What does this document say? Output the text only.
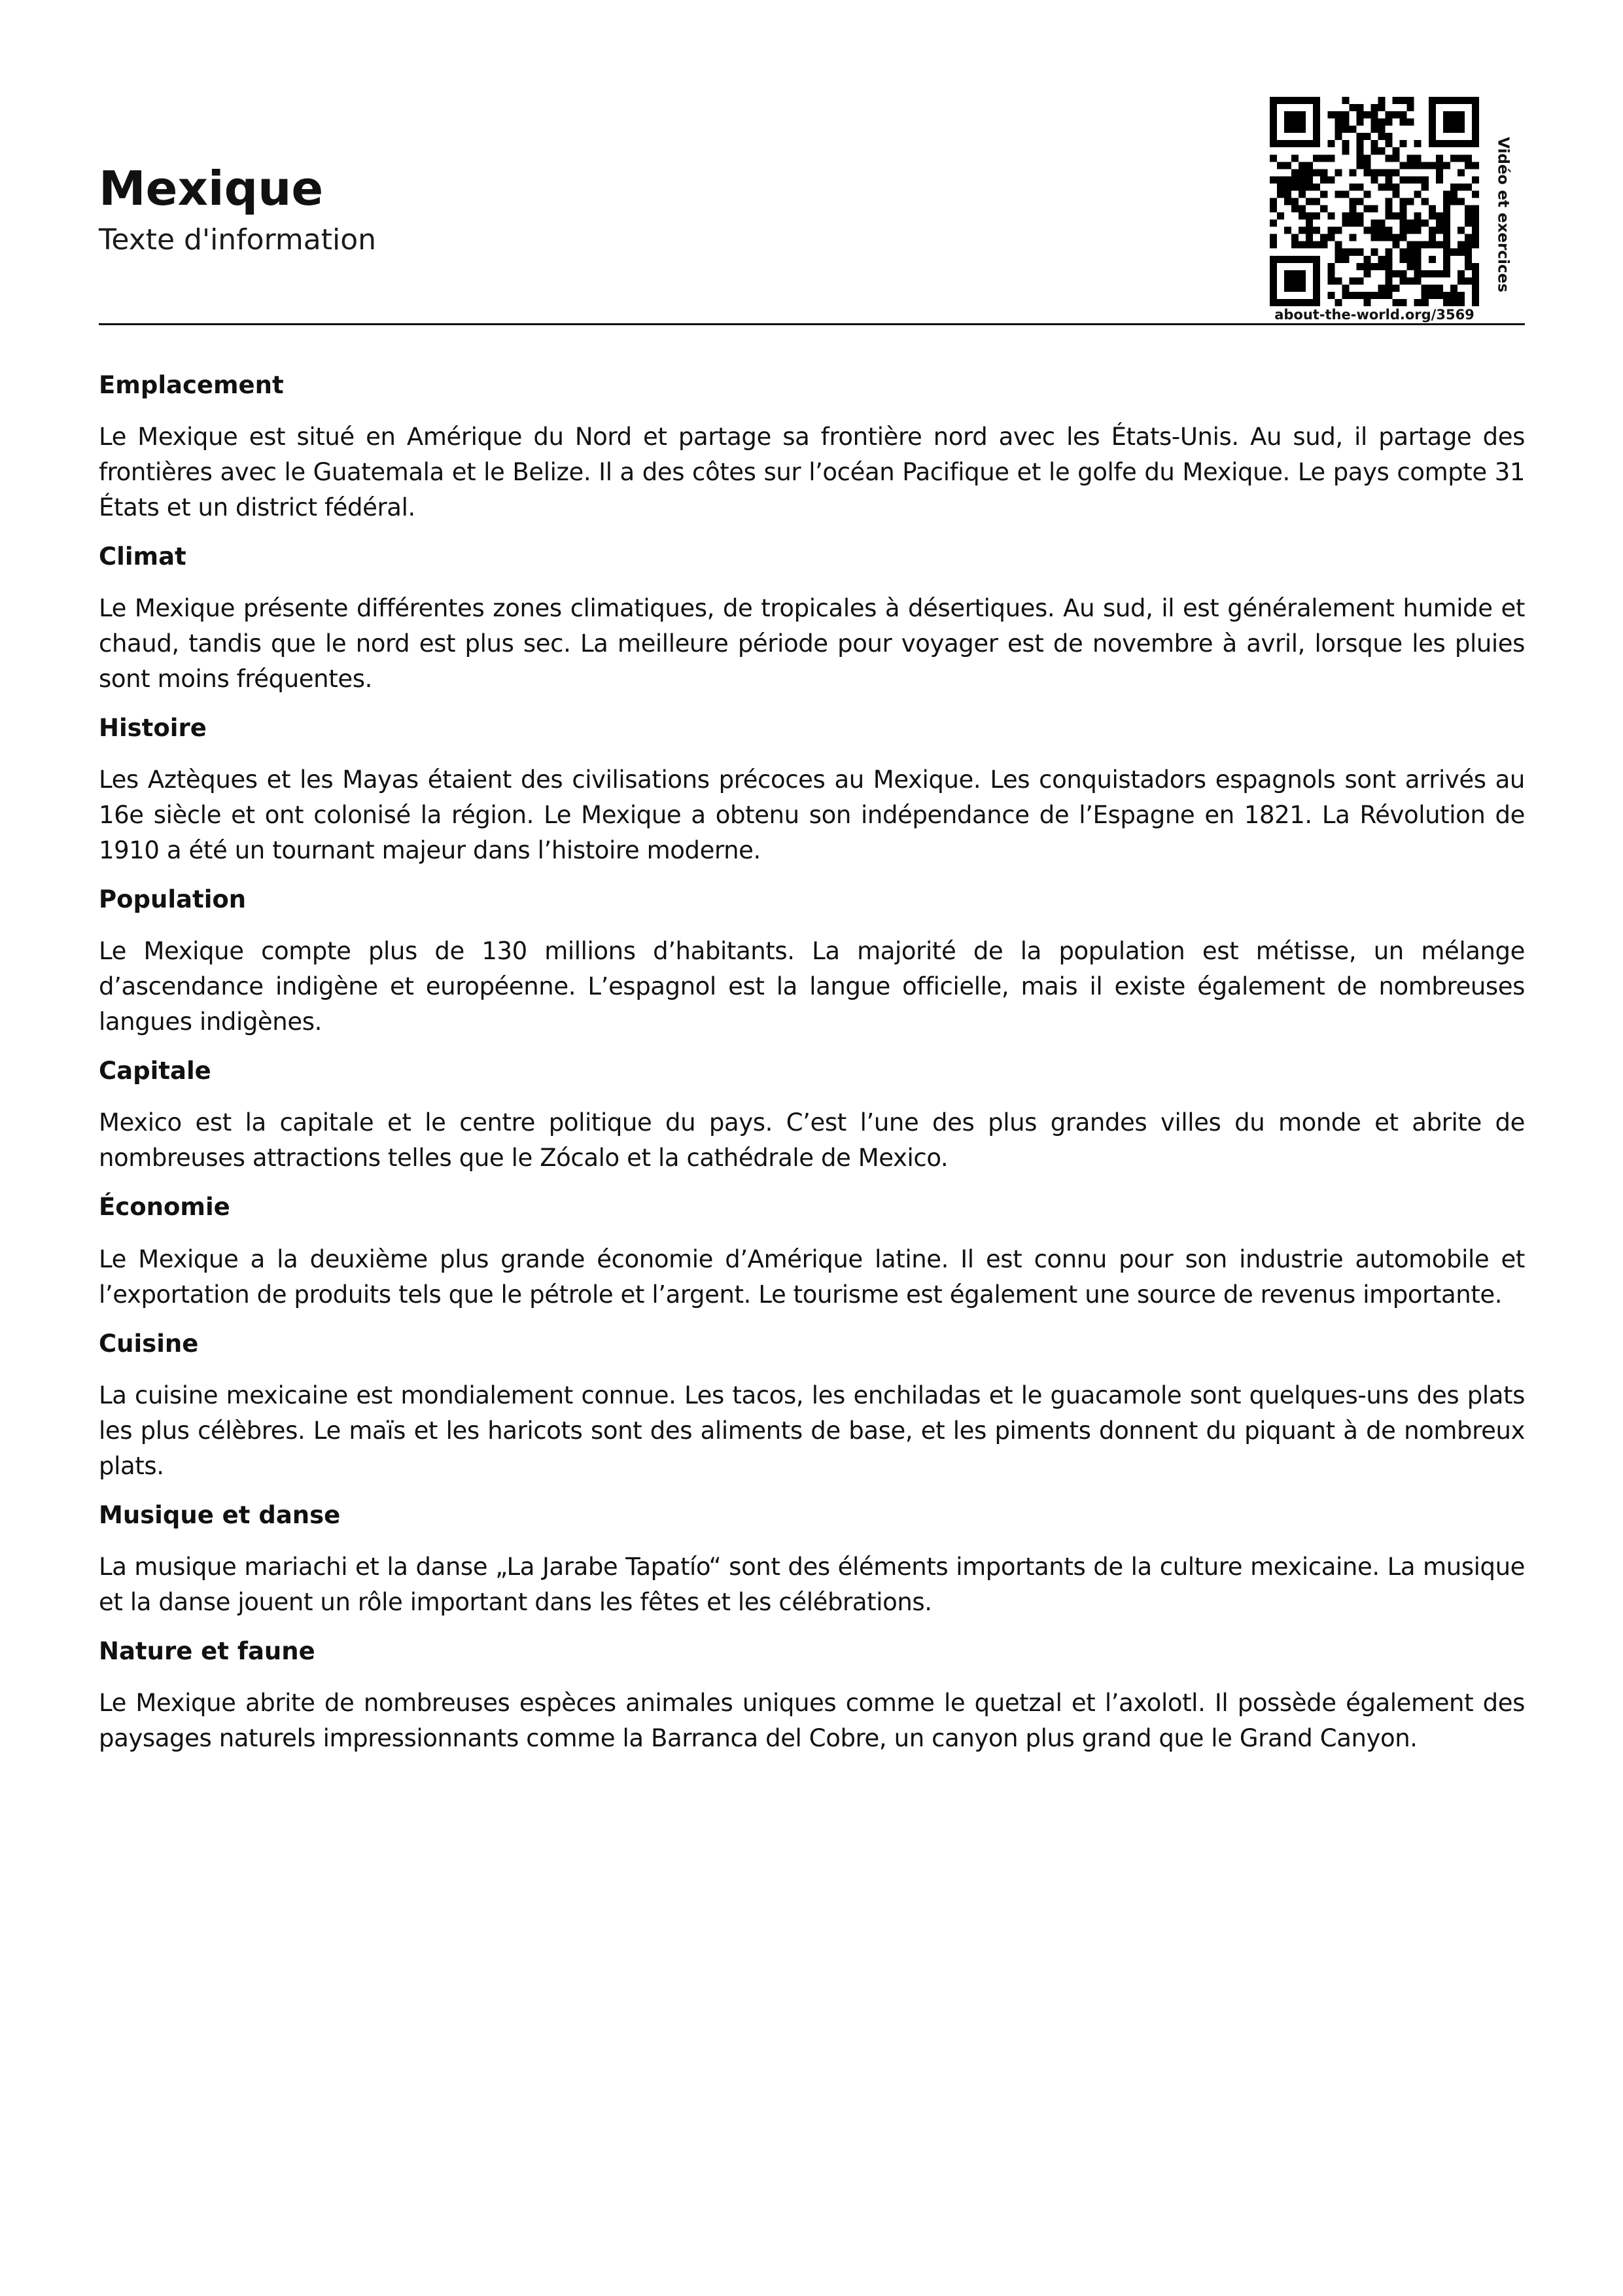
Mexique
Texte d'information
about-the-world.org/3569
Vidéo et exercices
Emplacement

Le Mexique est situé en Amérique du Nord et partage sa frontière nord avec les États-Unis. Au sud, il partage des frontières avec le Guatemala et le Belize. Il a des côtes sur l’océan Pacifique et le golfe du Mexique. Le pays compte 31 États et un district fédéral.

Climat

Le Mexique présente différentes zones climatiques, de tropicales à désertiques. Au sud, il est généralement humide et chaud, tandis que le nord est plus sec. La meilleure période pour voyager est de novembre à avril, lorsque les pluies sont moins fréquentes.

Histoire

Les Aztèques et les Mayas étaient des civilisations précoces au Mexique. Les conquistadors espagnols sont arrivés au 16e siècle et ont colonisé la région. Le Mexique a obtenu son indépendance de l’Espagne en 1821. La Révolution de 1910 a été un tournant majeur dans l’histoire moderne.

Population

Le Mexique compte plus de 130 millions d’habitants. La majorité de la population est métisse, un mélange d’ascendance indigène et européenne. L’espagnol est la langue officielle, mais il existe également de nombreuses langues indigènes.

Capitale

Mexico est la capitale et le centre politique du pays. C’est l’une des plus grandes villes du monde et abrite de nombreuses attractions telles que le Zócalo et la cathédrale de Mexico.

Économie

Le Mexique a la deuxième plus grande économie d’Amérique latine. Il est connu pour son industrie automobile et l’exportation de produits tels que le pétrole et l’argent. Le tourisme est également une source de revenus importante.

Cuisine

La cuisine mexicaine est mondialement connue. Les tacos, les enchiladas et le guacamole sont quelques-uns des plats les plus célèbres. Le maïs et les haricots sont des aliments de base, et les piments donnent du piquant à de nombreux plats.

Musique et danse

La musique mariachi et la danse „La Jarabe Tapatío“ sont des éléments importants de la culture mexicaine. La musique et la danse jouent un rôle important dans les fêtes et les célébrations.

Nature et faune

Le Mexique abrite de nombreuses espèces animales uniques comme le quetzal et l’axolotl. Il possède également des paysages naturels impressionnants comme la Barranca del Cobre, un canyon plus grand que le Grand Canyon.
